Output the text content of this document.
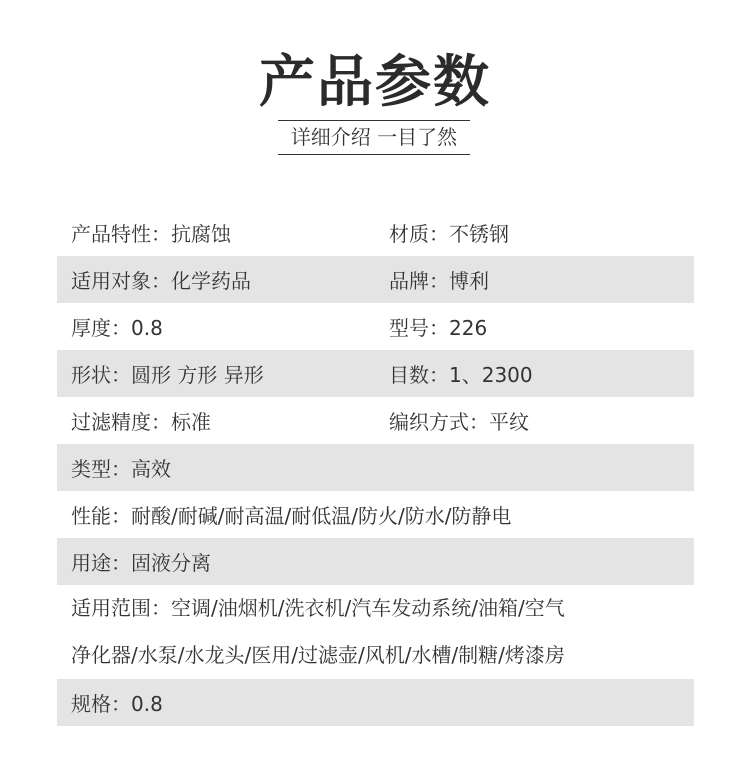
产品参数
详细介绍 一目了然
产品特性：抗腐蚀	材质：不锈钢
适用对象：化学药品	品牌：博利
厚度：0.8	型号：226
形状：圆形 方形 异形	目数：1、2300
过滤精度：标准	编织方式：平纹
类型：高效
性能：耐酸/耐碱/耐高温/耐低温/防火/防水/防静电
用途：固液分离
适用范围：空调/油烟机/洗衣机/汽车发动系统/油箱/空气
净化器/水泵/水龙头/医用/过滤壶/风机/水槽/制糖/烤漆房
规格：0.8
